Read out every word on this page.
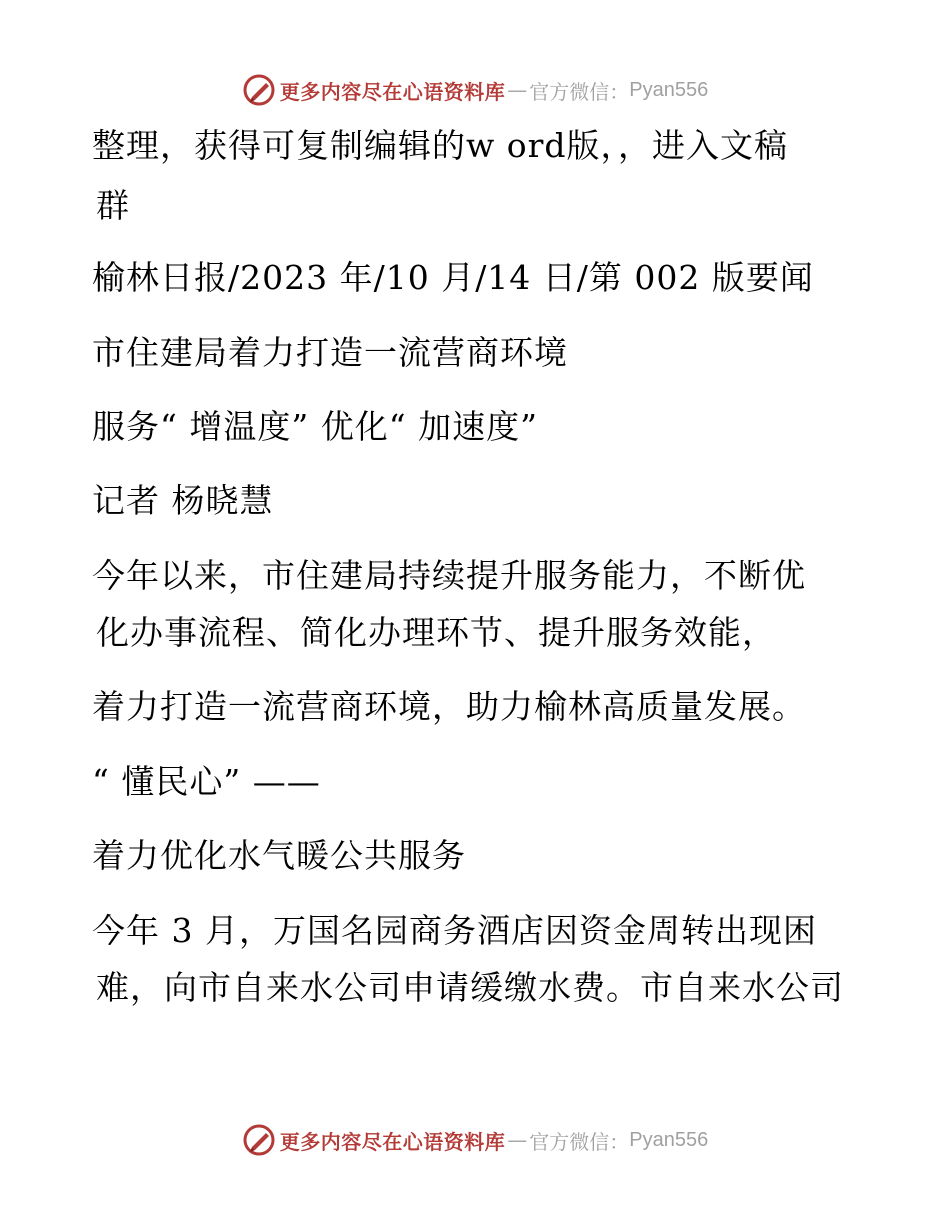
更多内容尽在心语资料库 — 官方微信： Pyan556
整理，获得可复制编辑的w ord版，，进入文稿
群
榆林日报/2023 年/10 月/14 日/第 002 版要闻
市住建局着力打造一流营商环境
服务“ 增温度” 优化“ 加速度”
记者 杨晓慧
今年以来，市住建局持续提升服务能力，不断优
化办事流程、简化办理环节、提升服务效能，
着力打造一流营商环境，助力榆林高质量发展。
“ 懂民心” ——
着力优化水气暖公共服务
今年 3 月，万国名园商务酒店因资金周转出现困
难，向市自来水公司申请缓缴水费。市自来水公司
更多内容尽在心语资料库 — 官方微信： Pyan556
